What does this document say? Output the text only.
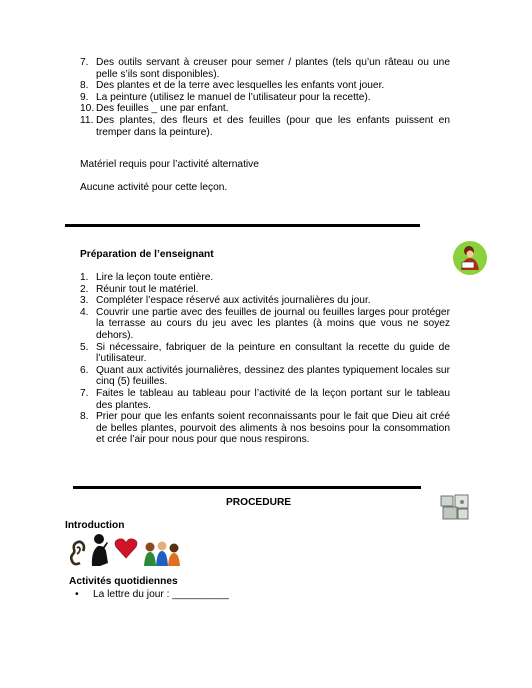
7. Des outils servant à creuser pour semer / plantes (tels qu’un râteau ou une pelle s’ils sont disponibles).
8. Des plantes et de la terre avec lesquelles les enfants vont jouer.
9. La peinture (utilisez le manuel de l’utilisateur pour la recette).
10. Des feuilles _ une par enfant.
11. Des plantes, des fleurs et des feuilles (pour que les enfants puissent en tremper dans la peinture).
Matériel requis pour l’activité alternative
Aucune activité pour cette leçon.
Préparation de l’enseignant
1. Lire la leçon toute entière.
2. Réunir tout le matériel.
3. Compléter l’espace réservé aux activités journalières du jour.
4. Couvrir une partie avec des feuilles de journal ou feuilles larges pour protéger la terrasse au cours du jeu avec les plantes (à moins que vous ne soyez dehors).
5. Si nécessaire, fabriquer de la peinture en consultant la recette du guide de l’utilisateur.
6. Quant aux activités journalières, dessinez des plantes typiquement locales sur cinq (5) feuilles.
7. Faites le tableau au tableau pour l’activité de la leçon portant sur le tableau des plantes.
8. Prier pour que les enfants soient reconnaissants pour le fait que Dieu ait créé de belles plantes, pourvoit des aliments à nos besoins pour la consommation et crée l’air pour nous pour que nous respirons.
PROCEDURE
Introduction
Activités quotidiennes
• La lettre du jour : __________
